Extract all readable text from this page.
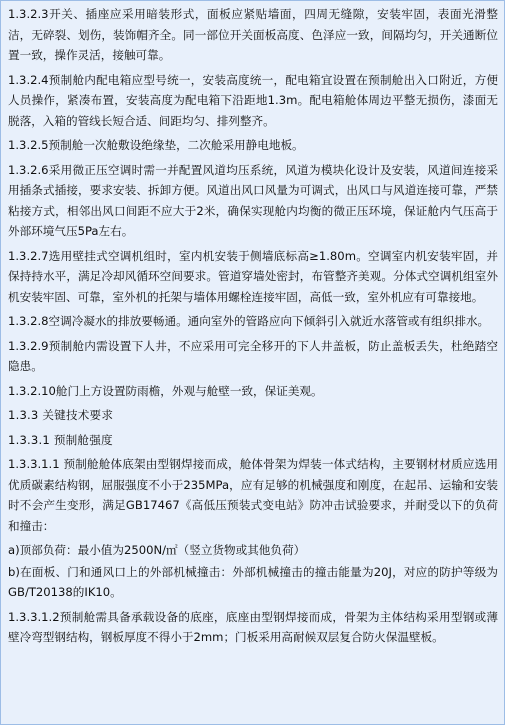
1.3.2.3开关、插座应采用暗装形式，面板应紧贴墙面，四周无缝隙，安装牢固，表面光滑整洁，无碎裂、划伤，装饰帽齐全。同一部位开关面板高度、色泽应一致，间隔均匀，开关通断位置一致，操作灵活，接触可靠。

1.3.2.4预制舱内配电箱应型号统一，安装高度统一，配电箱宜设置在预制舱出入口附近，方便人员操作，紧凑布置，安装高度为配电箱下沿距地1.3m。配电箱舱体周边平整无损伤，漆面无脱落，入箱的管线长短合适、间距均匀、排列整齐。

1.3.2.5预制舱一次舱敷设绝缘垫，二次舱采用静电地板。

1.3.2.6采用微正压空调时需一并配置风道均压系统，风道为模块化设计及安装，风道间连接采用插条式插接，要求安装、拆卸方便。风道出风口风量为可调式，出风口与风道连接可靠，严禁粘接方式，相邻出风口间距不应大于2米，确保实现舱内均衡的微正压环境，保证舱内气压高于外部环境气压5Pa左右。

1.3.2.7选用壁挂式空调机组时，室内机安装于侧墙底标高≥1.80m。空调室内机安装牢固，并保持持水平，满足冷却风循环空间要求。管道穿墙处密封，布管整齐美观。分体式空调机组室外机安装牢固、可靠，室外机的托架与墙体用螺栓连接牢固，高低一致，室外机应有可靠接地。

1.3.2.8空调冷凝水的排放要畅通。通向室外的管路应向下倾斜引入就近水落管或有组织排水。

1.3.2.9预制舱内需设置下人井，不应采用可完全移开的下人井盖板，防止盖板丢失，杜绝踏空隐患。

1.3.2.10舱门上方设置防雨檐，外观与舱壁一致，保证美观。

1.3.3 关键技术要求

1.3.3.1 预制舱强度

1.3.3.1.1 预制舱舱体底架由型钢焊接而成，舱体骨架为焊装一体式结构，主要钢材材质应选用优质碳素结构钢，屈服强度不小于235MPa，应有足够的机械强度和刚度，在起吊、运输和安装时不会产生变形，满足GB17467《高低压预装式变电站》防冲击试验要求，并耐受以下的负荷和撞击：

a)顶部负荷：最小值为2500N/㎡（竖立货物或其他负荷）

b)在面板、门和通风口上的外部机械撞击：外部机械撞击的撞击能量为20J，对应的防护等级为GB/T20138的IK10。

1.3.3.1.2预制舱需具备承载设备的底座，底座由型钢焊接而成，骨架为主体结构采用型钢或薄壁冷弯型钢结构，钢板厚度不得小于2mm；门板采用高耐候双层复合防火保温壁板。
